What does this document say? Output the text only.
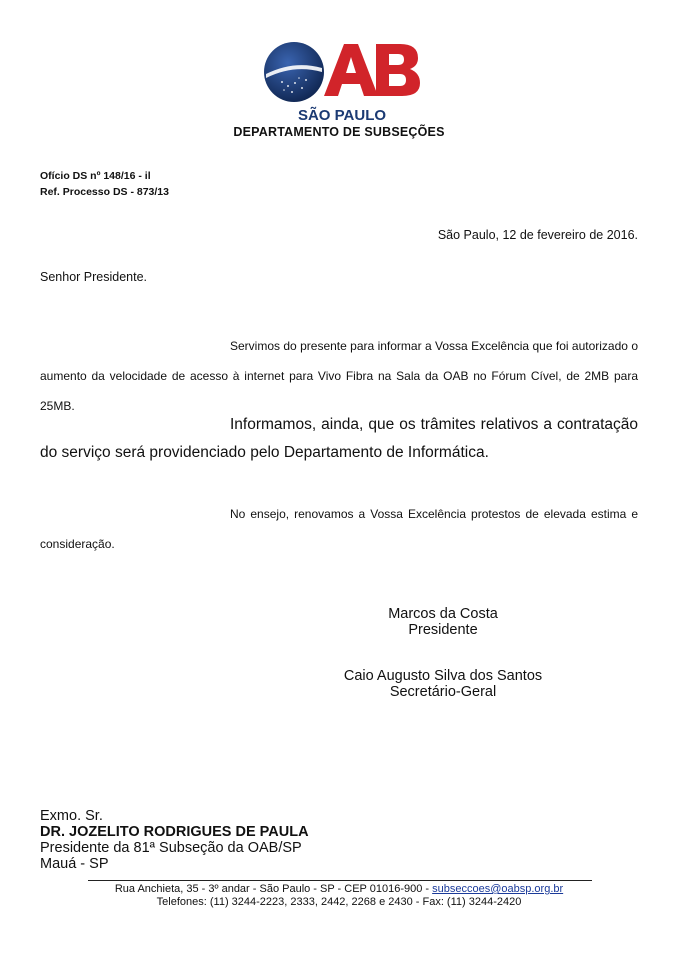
SÃO PAULO
DEPARTAMENTO DE SUBSEÇÕES
Ofício DS nº 148/16 - il
Ref. Processo DS - 873/13
São Paulo, 12 de fevereiro de 2016.
Senhor Presidente.
Servimos do presente para informar a Vossa Excelência que foi autorizado o aumento da velocidade de acesso à internet para Vivo Fibra na Sala da OAB no Fórum Cível, de 2MB para 25MB.
Informamos, ainda, que os trâmites relativos a contratação do serviço será providenciado pelo Departamento de Informática.
No ensejo, renovamos a Vossa Excelência protestos de elevada estima e consideração.
Marcos da Costa
Presidente
Caio Augusto Silva dos Santos
Secretário-Geral
Exmo. Sr.
DR. JOZELITO RODRIGUES DE PAULA
Presidente da 81ª Subseção da OAB/SP
Mauá - SP
Rua Anchieta, 35 - 3º andar - São Paulo - SP - CEP 01016-900 - subseccoes@oabsp.org.br
Telefones: (11) 3244-2223, 2333, 2442, 2268 e 2430 - Fax: (11) 3244-2420
